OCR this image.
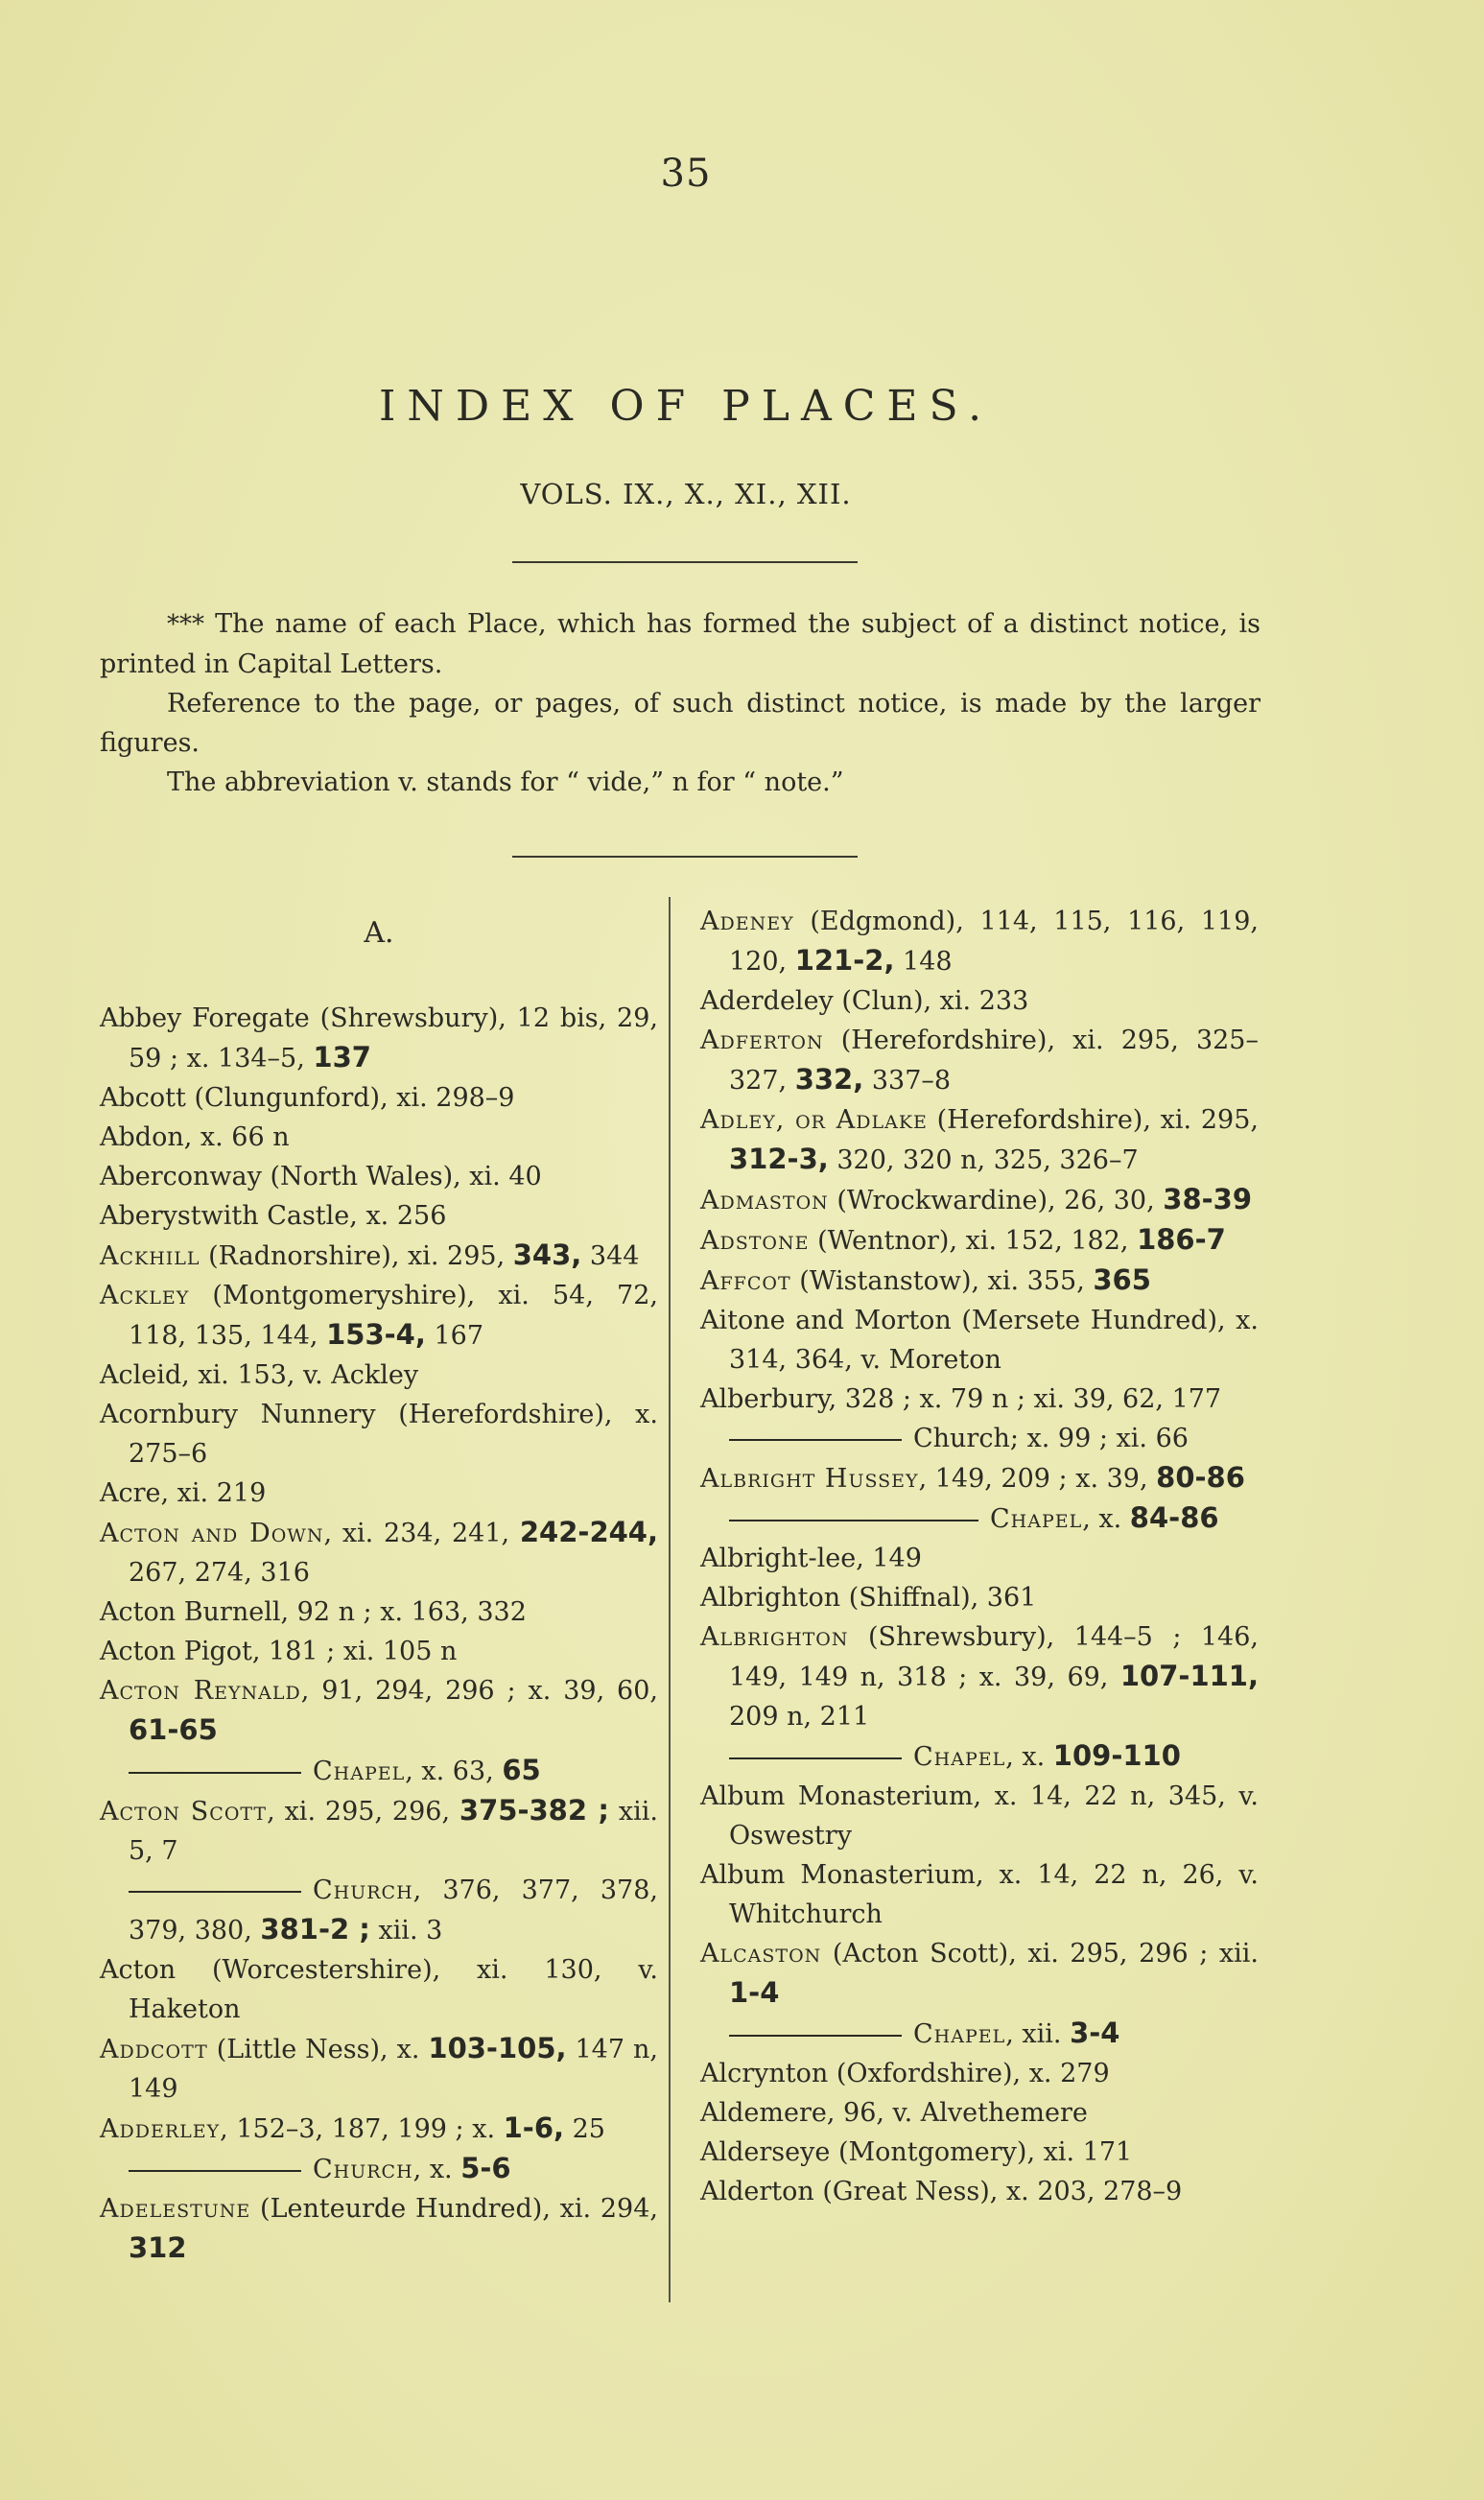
35
INDEX OF PLACES.
VOLS. IX., X., XI., XII.

*** The name of each Place, which has formed the subject of a distinct notice, is printed in Capital Letters.

Reference to the page, or pages, of such distinct notice, is made by the larger figures.

The abbreviation v. stands for “ vide,” n for “ note.”

A.

Abbey Foregate (Shrewsbury), 12 bis, 29, 59 ; x. 134–5, 137

Abcott (Clungunford), xi. 298–9

Abdon, x. 66 n

Aberconway (North Wales), xi. 40

Aberystwith Castle, x. 256

Ackhill (Radnorshire), xi. 295, 343, 344

Ackley (Montgomeryshire), xi. 54, 72, 118, 135, 144, 153-4, 167

Acleid, xi. 153, v. Ackley

Acornbury Nunnery (Herefordshire), x. 275–6

Acre, xi. 219

Acton and Down, xi. 234, 241, 242-244, 267, 274, 316

Acton Burnell, 92 n ; x. 163, 332

Acton Pigot, 181 ; xi. 105 n

Acton Reynald, 91, 294, 296 ; x. 39, 60, 61-65

Chapel, x. 63, 65

Acton Scott, xi. 295, 296, 375-382 ; xii. 5, 7

Church, 376, 377, 378, 379, 380, 381-2 ; xii. 3

Acton (Worcestershire), xi. 130, v. Haketon

Addcott (Little Ness), x. 103-105, 147 n, 149

Adderley, 152–3, 187, 199 ; x. 1-6, 25

Church, x. 5-6

Adelestune (Lenteurde Hundred), xi. 294, 312

Adeney (Edgmond), 114, 115, 116, 119, 120, 121-2, 148

Aderdeley (Clun), xi. 233

Adferton (Herefordshire), xi. 295, 325–327, 332, 337–8

Adley, or Adlake (Herefordshire), xi. 295, 312-3, 320, 320 n, 325, 326–7

Admaston (Wrockwardine), 26, 30, 38-39

Adstone (Wentnor), xi. 152, 182, 186-7

Affcot (Wistanstow), xi. 355, 365

Aitone and Morton (Mersete Hundred), x. 314, 364, v. Moreton

Alberbury, 328 ; x. 79 n ; xi. 39, 62, 177

Church; x. 99 ; xi. 66

Albright Hussey, 149, 209 ; x. 39, 80-86

Chapel, x. 84-86

Albright-lee, 149

Albrighton (Shiffnal), 361

Albrighton (Shrewsbury), 144–5 ; 146, 149, 149 n, 318 ; x. 39, 69, 107-111, 209 n, 211

Chapel, x. 109-110

Album Monasterium, x. 14, 22 n, 345, v. Oswestry

Album Monasterium, x. 14, 22 n, 26, v. Whitchurch

Alcaston (Acton Scott), xi. 295, 296 ; xii. 1-4

Chapel, xii. 3-4

Alcrynton (Oxfordshire), x. 279

Aldemere, 96, v. Alvethemere

Alderseye (Montgomery), xi. 171

Alderton (Great Ness), x. 203, 278–9
